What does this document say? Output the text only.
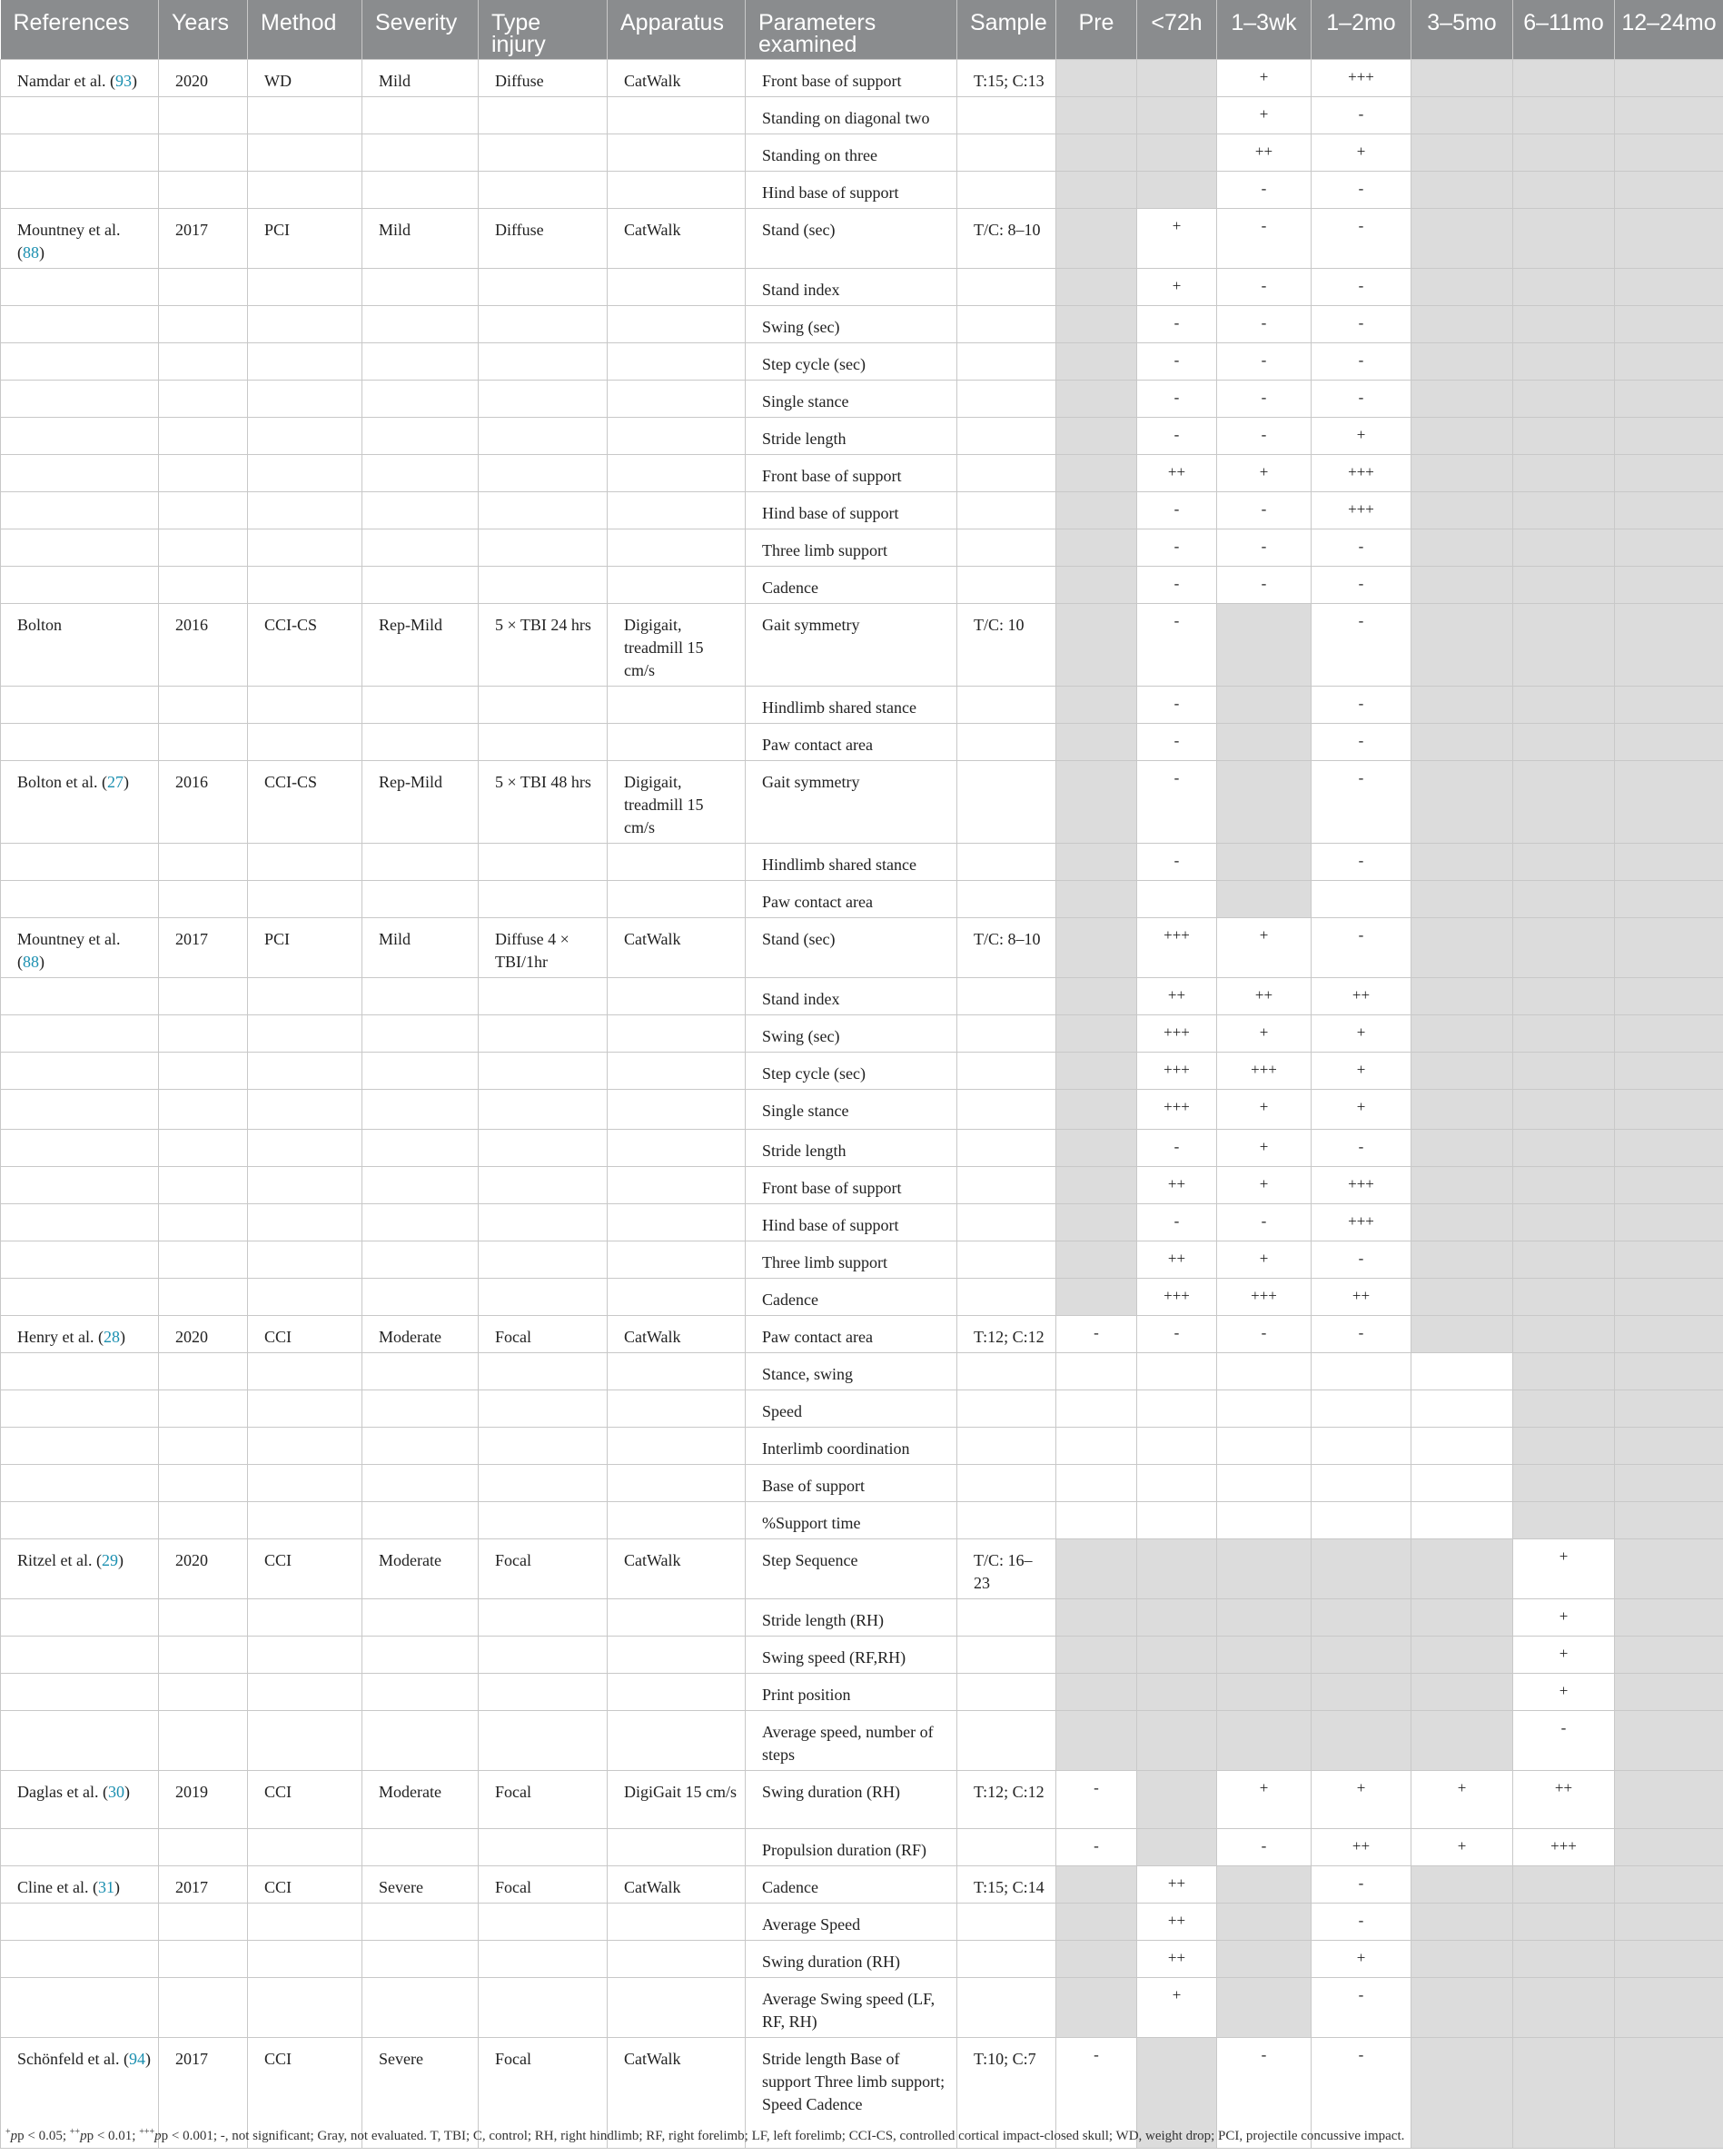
References	Years	Method	Severity	Type injury	Apparatus	Parameters examined	Sample	Pre	<72h	1–3wk	1–2mo	3–5mo	6–11mo	12–24mo
Namdar et al. (93)	2020	WD	Mild	Diffuse	CatWalk	Front base of support	T:15; C:13			+	+++			
						Standing on diagonal two				+	-			
						Standing on three				++	+			
						Hind base of support				-	-			
Mountney et al. (88)	2017	PCI	Mild	Diffuse	CatWalk	Stand (sec)	T/C: 8–10		+	-	-			
						Stand index			+	-	-			
						Swing (sec)			-	-	-			
						Step cycle (sec)			-	-	-			
						Single stance			-	-	-			
						Stride length			-	-	+			
						Front base of support			++	+	+++			
						Hind base of support			-	-	+++			
						Three limb support			-	-	-			
						Cadence			-	-	-			
Bolton	2016	CCI-CS	Rep-Mild	5 × TBI 24 hrs	Digigait, treadmill 15 cm/s	Gait symmetry	T/C: 10		-		-			
						Hindlimb shared stance			-		-			
						Paw contact area			-		-			
Bolton et al. (27)	2016	CCI-CS	Rep-Mild	5 × TBI 48 hrs	Digigait, treadmill 15 cm/s	Gait symmetry			-		-			
						Hindlimb shared stance			-		-			
						Paw contact area								
Mountney et al. (88)	2017	PCI	Mild	Diffuse 4 × TBI/1hr	CatWalk	Stand (sec)	T/C: 8–10		+++	+	-			
						Stand index			++	++	++			
						Swing (sec)			+++	+	+			
						Step cycle (sec)			+++	+++	+			
						Single stance			+++	+	+			
						Stride length			-	+	-			
						Front base of support			++	+	+++			
						Hind base of support			-	-	+++			
						Three limb support			++	+	-			
						Cadence			+++	+++	++			
Henry et al. (28)	2020	CCI	Moderate	Focal	CatWalk	Paw contact area	T:12; C:12	-	-	-	-			
						Stance, swing								
						Speed								
						Interlimb coordination								
						Base of support								
						%Support time								
Ritzel et al. (29)	2020	CCI	Moderate	Focal	CatWalk	Step Sequence	T/C: 16–23						+	
						Stride length (RH)							+	
						Swing speed (RF,RH)							+	
						Print position							+	
						Average speed, number of steps							-	
Daglas et al. (30)	2019	CCI	Moderate	Focal	DigiGait 15 cm/s	Swing duration (RH)	T:12; C:12	-		+	+	+	++	
						Propulsion duration (RF)		-		-	++	+	+++	
Cline et al. (31)	2017	CCI	Severe	Focal	CatWalk	Cadence	T:15; C:14		++		-			
						Average Speed			++		-			
						Swing duration (RH)			++		+			
						Average Swing speed (LF, RF, RH)			+		-			
Schönfeld et al. (94)	2017	CCI	Severe	Focal	CatWalk	Stride length Base of support Three limb support; Speed Cadence	T:10; C:7	-		-	-			
+pp < 0.05; ++pp < 0.01; +++pp < 0.001; -, not significant; Gray, not evaluated. T, TBI; C, control; RH, right hindlimb; RF, right forelimb; LF, left forelimb; CCI-CS, controlled cortical impact-closed skull; WD, weight drop; PCI, projectile concussive impact.
